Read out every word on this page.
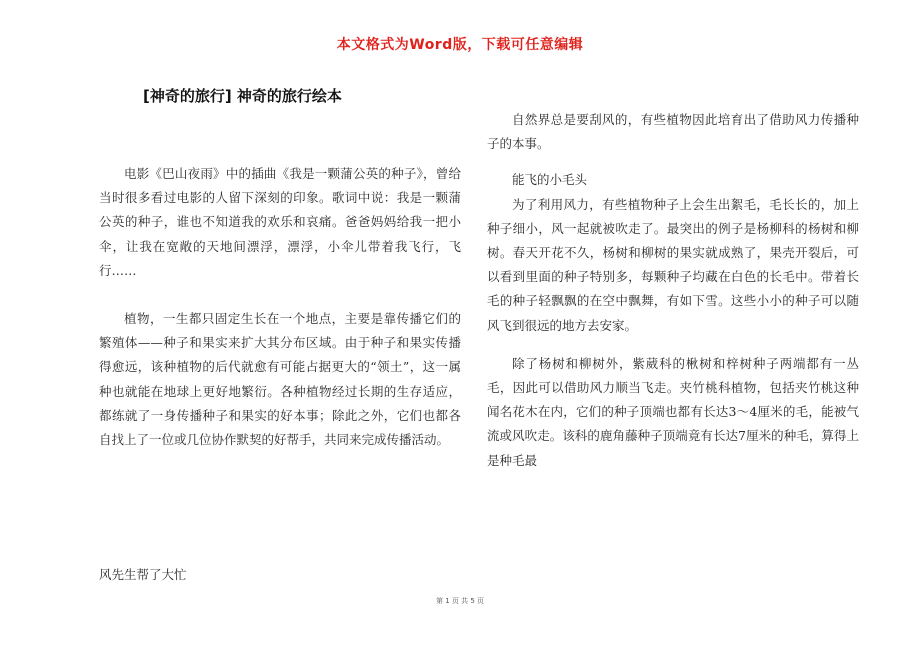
本文格式为Word版，下载可任意编辑
[神奇的旅行] 神奇的旅行绘本

电影《巴山夜雨》中的插曲《我是一颗蒲公英的种子》，曾给当时很多看过电影的人留下深刻的印象。歌词中说：我是一颗蒲公英的种子，谁也不知道我的欢乐和哀痛。爸爸妈妈给我一把小伞，让我在宽敞的天地间漂浮，漂浮，小伞儿带着我飞行，飞行……

植物，一生都只固定生长在一个地点，主要是靠传播它们的繁殖体——种子和果实来扩大其分布区域。由于种子和果实传播得愈远，该种植物的后代就愈有可能占据更大的“领土”，这一属种也就能在地球上更好地繁衍。各种植物经过长期的生存适应，都练就了一身传播种子和果实的好本事；除此之外，它们也都各自找上了一位或几位协作默契的好帮手，共同来完成传播活动。

风先生帮了大忙

自然界总是要刮风的，有些植物因此培育出了借助风力传播种子的本事。

能飞的小毛头

为了利用风力，有些植物种子上会生出絮毛，毛长长的，加上种子细小，风一起就被吹走了。最突出的例子是杨柳科的杨树和柳树。春天开花不久，杨树和柳树的果实就成熟了，果壳开裂后，可以看到里面的种子特别多，每颗种子均藏在白色的长毛中。带着长毛的种子轻飘飘的在空中飘舞，有如下雪。这些小小的种子可以随风飞到很远的地方去安家。

除了杨树和柳树外，紫葳科的楸树和梓树种子两端都有一丛毛，因此可以借助风力顺当飞走。夹竹桃科植物，包括夹竹桃这种闻名花木在内，它们的种子顶端也都有长达3～4厘米的毛，能被气流或风吹走。该科的鹿角藤种子顶端竟有长达7厘米的种毛，算得上是种毛最

第 1 页 共 5 页
